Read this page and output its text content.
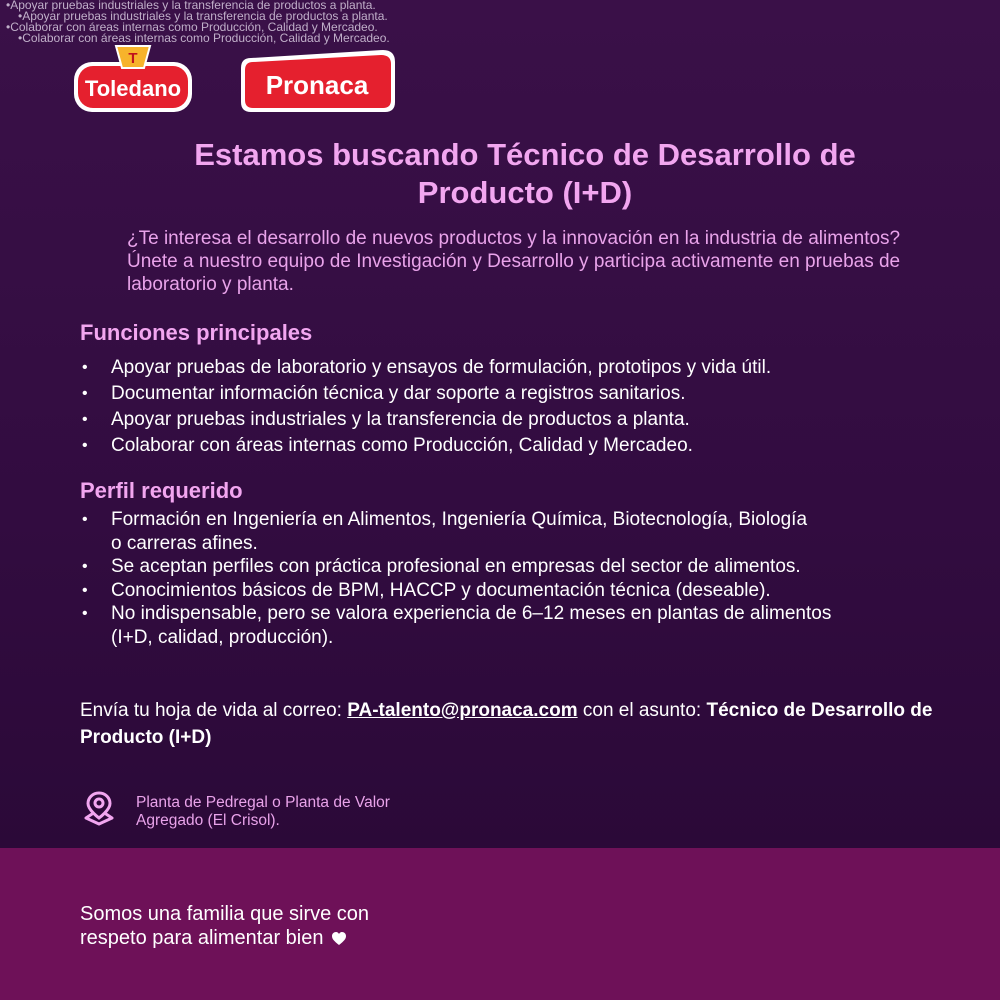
•Apoyar pruebas industriales y la transferencia de productos a planta.
•Apoyar pruebas industriales y la transferencia de productos a planta.
•Colaborar con áreas internas como Producción, Calidad y Mercadeo.
•Colaborar con áreas internas como Producción, Calidad y Mercadeo.
T
Toledano	Pronaca
Estamos buscando Técnico de Desarrollo de
Producto (I+D)

¿Te interesa el desarrollo de nuevos productos y la innovación en la industria de alimentos? Únete a nuestro equipo de Investigación y Desarrollo y participa activamente en pruebas de laboratorio y planta.

Funciones principales
• Apoyar pruebas de laboratorio y ensayos de formulación, prototipos y vida útil.
• Documentar información técnica y dar soporte a registros sanitarios.
• Apoyar pruebas industriales y la transferencia de productos a planta.
• Colaborar con áreas internas como Producción, Calidad y Mercadeo.
Perfil requerido
• Formación en Ingeniería en Alimentos, Ingeniería Química, Biotecnología, Biología o carreras afines.
• Se aceptan perfiles con práctica profesional en empresas del sector de alimentos.
• Conocimientos básicos de BPM, HACCP y documentación técnica (deseable).
• No indispensable, pero se valora experiencia de 6–12 meses en plantas de alimentos (I+D, calidad, producción).

Envía tu hoja de vida al correo: PA-talento@pronaca.com con el asunto: Técnico de Desarrollo de Producto (I+D)

Planta de Pedregal o Planta de Valor Agregado (El Crisol).

Somos una familia que sirve con
respeto para alimentar bien
